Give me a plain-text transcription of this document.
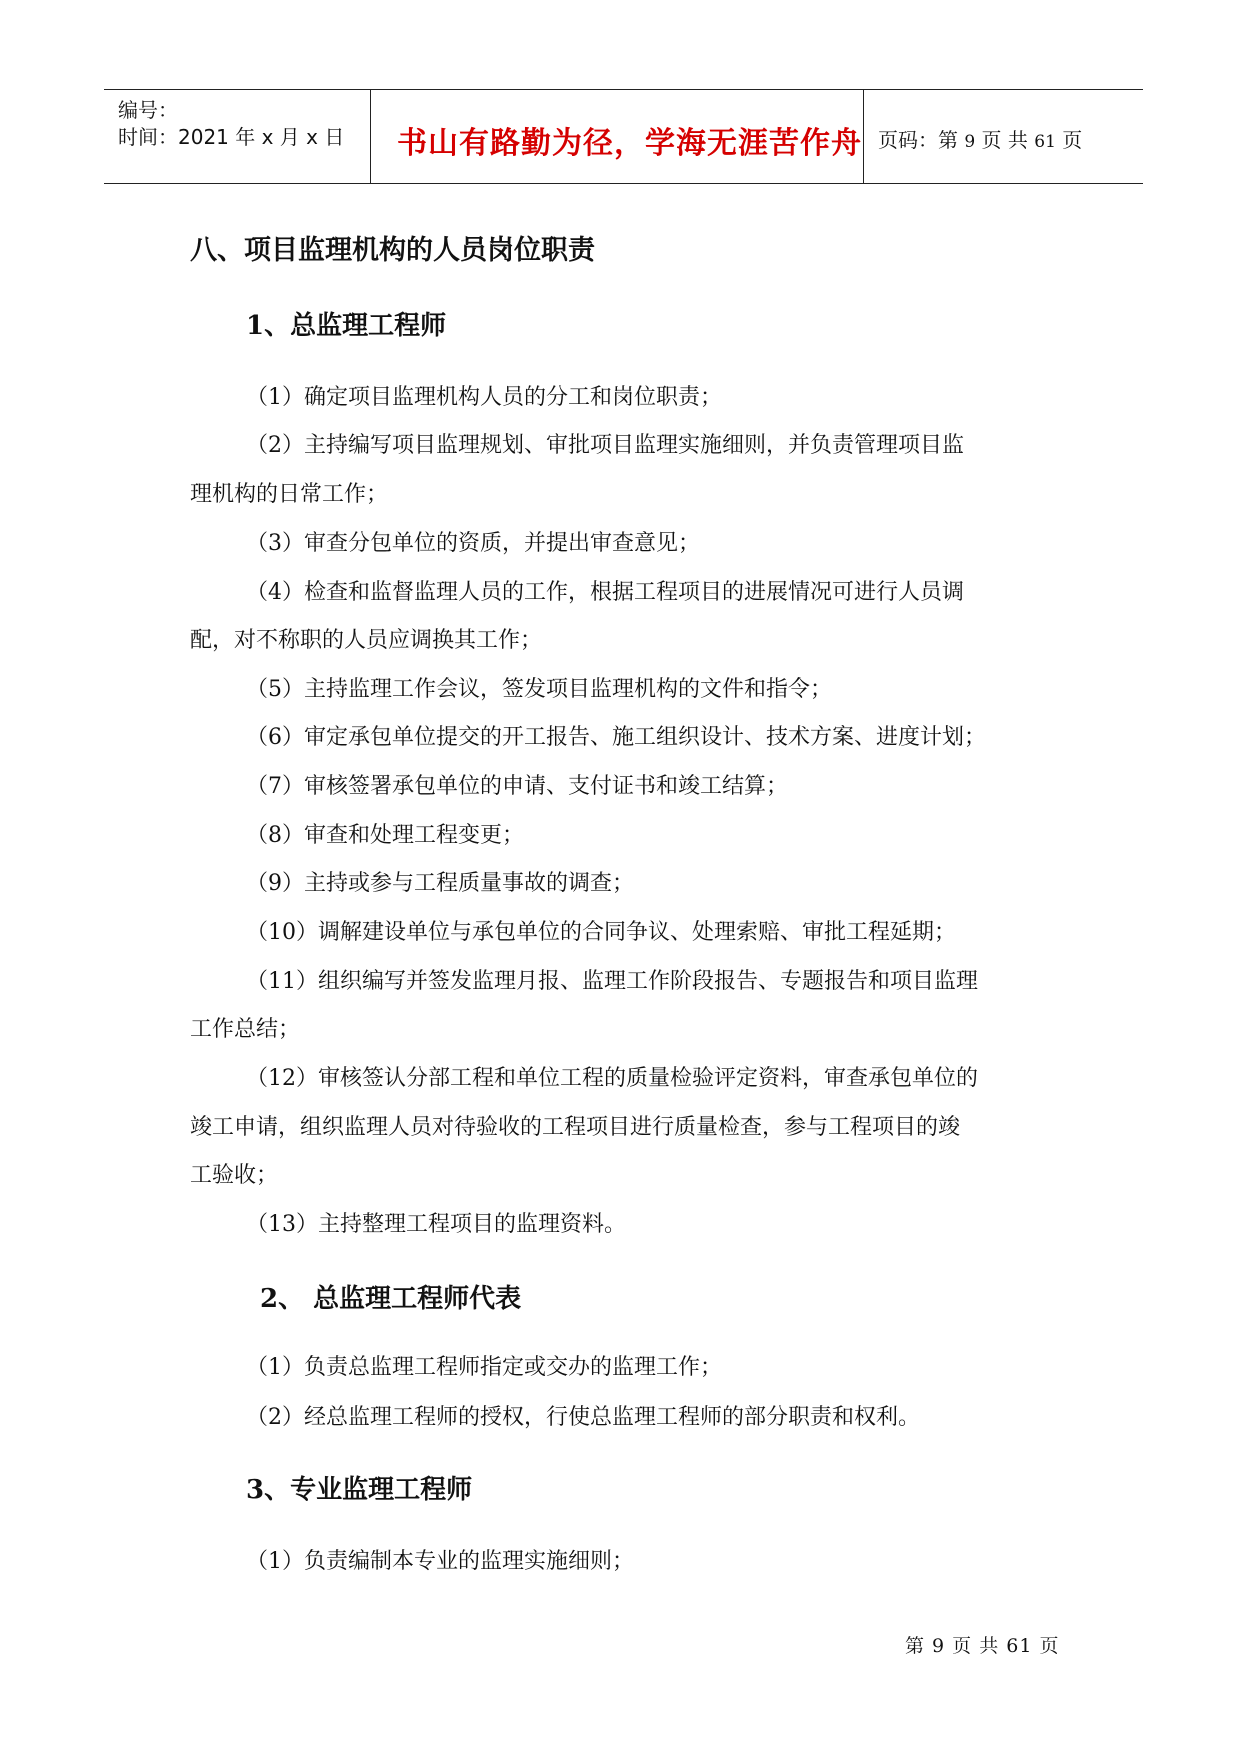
编号：
时间：2021 年 x 月 x 日 书山有路勤为径，学海无涯苦作舟 页码：第 9 页 共 61 页
八、项目监理机构的人员岗位职责
1、总监理工程师
（1）确定项目监理机构人员的分工和岗位职责；
（2）主持编写项目监理规划、审批项目监理实施细则，并负责管理项目监
理机构的日常工作；
（3）审查分包单位的资质，并提出审查意见；
（4）检查和监督监理人员的工作，根据工程项目的进展情况可进行人员调
配，对不称职的人员应调换其工作；
（5）主持监理工作会议，签发项目监理机构的文件和指令；
（6）审定承包单位提交的开工报告、施工组织设计、技术方案、进度计划；
（7）审核签署承包单位的申请、支付证书和竣工结算；
（8）审查和处理工程变更；
（9）主持或参与工程质量事故的调查；
（10）调解建设单位与承包单位的合同争议、处理索赔、审批工程延期；
（11）组织编写并签发监理月报、监理工作阶段报告、专题报告和项目监理
工作总结；
（12）审核签认分部工程和单位工程的质量检验评定资料，审查承包单位的
竣工申请，组织监理人员对待验收的工程项目进行质量检查，参与工程项目的竣
工验收；
（13）主持整理工程项目的监理资料。
2、 总监理工程师代表
（1）负责总监理工程师指定或交办的监理工作；
（2）经总监理工程师的授权，行使总监理工程师的部分职责和权利。
3、专业监理工程师
（1）负责编制本专业的监理实施细则；
第 9 页 共 61 页
